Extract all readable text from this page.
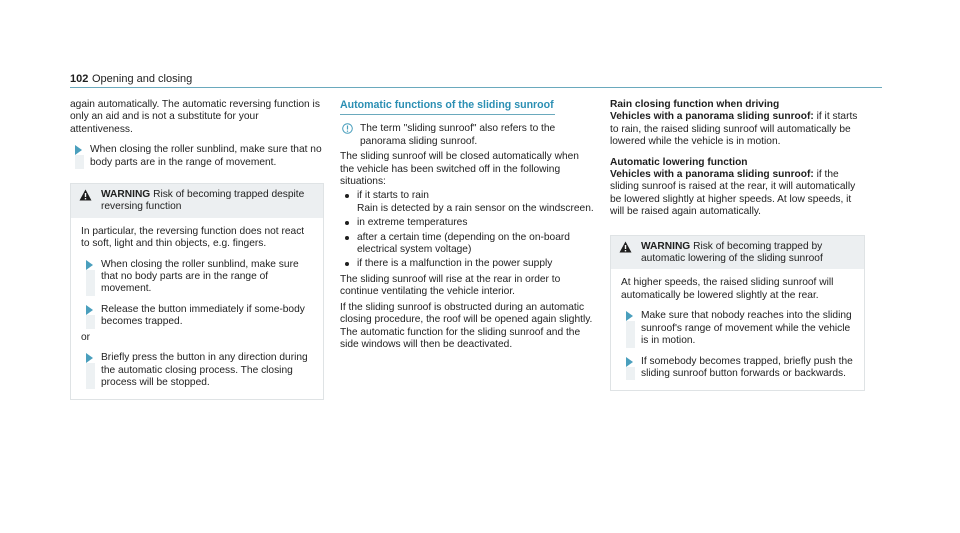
102 Opening and closing

again automatically. The automatic reversing function is only an aid and is not a substitute for your attentiveness.

When closing the roller sunblind, make sure that no body parts are in the range of movement.

WARNING Risk of becoming trapped despite reversing function

In particular, the reversing function does not react to soft, light and thin objects, e.g. fingers.

When closing the roller sunblind, make sure that no body parts are in the range of movement.

Release the button immediately if some‑body becomes trapped.

or

Briefly press the button in any direction during the automatic closing process. The closing process will be stopped.

Automatic functions of the sliding sunroof

The term "sliding sunroof" also refers to the panorama sliding sunroof.

The sliding sunroof will be closed automatically when the vehicle has been switched off in the following situations:

if it starts to rain
Rain is detected by a rain sensor on the windscreen.
in extreme temperatures
after a certain time (depending on the on-board electrical system voltage)
if there is a malfunction in the power supply

The sliding sunroof will rise at the rear in order to continue ventilating the vehicle interior.

If the sliding sunroof is obstructed during an automatic closing procedure, the roof will be opened again slightly. The automatic function for the sliding sunroof and the side windows will then be deactivated.

Rain closing function when driving

Vehicles with a panorama sliding sunroof: if it starts to rain, the raised sliding sunroof will automatically be lowered while the vehicle is in motion.

Automatic lowering function

Vehicles with a panorama sliding sunroof: if the sliding sunroof is raised at the rear, it will automatically be lowered slightly at higher speeds. At low speeds, it will be raised again automatically.

WARNING Risk of becoming trapped by automatic lowering of the sliding sunroof

At higher speeds, the raised sliding sunroof will automatically be lowered slightly at the rear.

Make sure that nobody reaches into the sliding sunroof's range of movement while the vehicle is in motion.

If somebody becomes trapped, briefly push the sliding sunroof button forwards or backwards.
